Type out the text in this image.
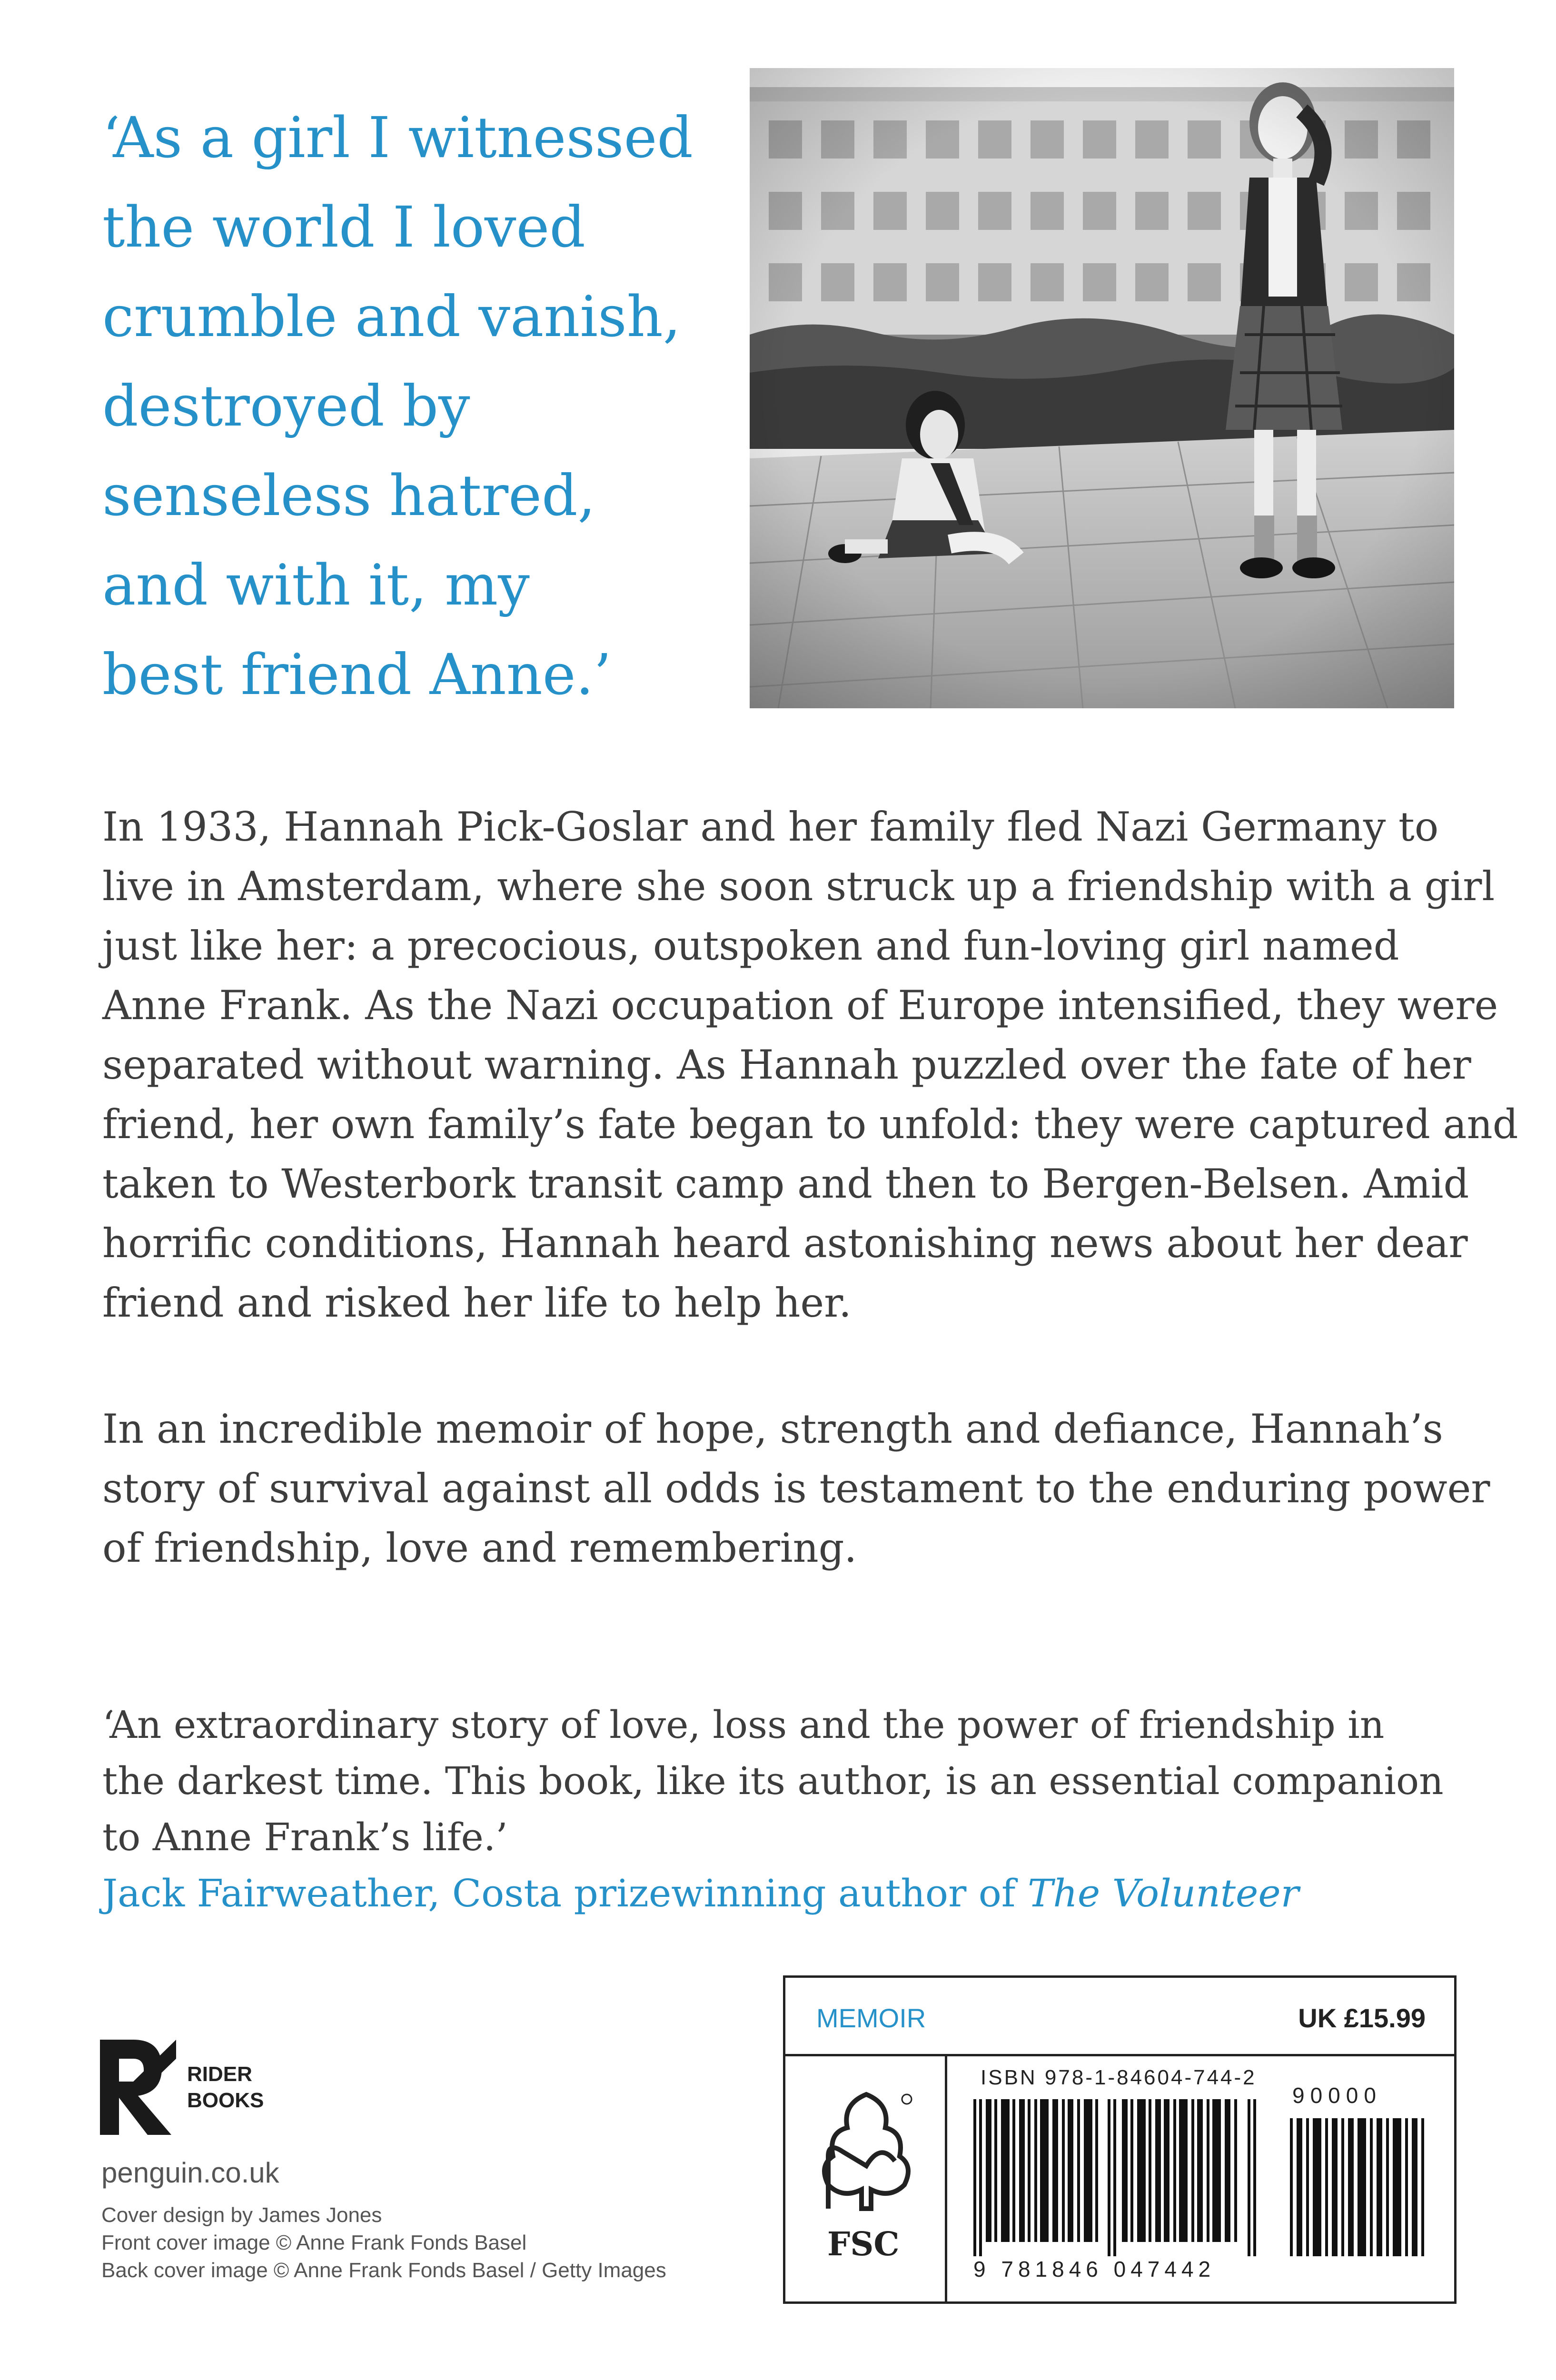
‘As a girl I witnessed
the world I loved
crumble and vanish,
destroyed by
senseless hatred,
and with it, my
best friend Anne.’
In 1933, Hannah Pick-Goslar and her family fled Nazi Germany to
live in Amsterdam, where she soon struck up a friendship with a girl
just like her: a precocious, outspoken and fun-loving girl named
Anne Frank. As the Nazi occupation of Europe intensified, they were
separated without warning. As Hannah puzzled over the fate of her
friend, her own family’s fate began to unfold: they were captured and
taken to Westerbork transit camp and then to Bergen-Belsen. Amid
horrific conditions, Hannah heard astonishing news about her dear
friend and risked her life to help her.
In an incredible memoir of hope, strength and defiance, Hannah’s
story of survival against all odds is testament to the enduring power
of friendship, love and remembering.
‘An extraordinary story of love, loss and the power of friendship in
the darkest time. This book, like its author, is an essential companion
to Anne Frank’s life.’
Jack Fairweather, Costa prizewinning author of The Volunteer
RIDER
BOOKS
penguin.co.uk
Cover design by James Jones
Front cover image © Anne Frank Fonds Basel
Back cover image © Anne Frank Fonds Basel / Getty Images
MEMOIR	UK £15.99
FSC
ISBN 978-1-84604-744-2
9 781846 047442
90000
